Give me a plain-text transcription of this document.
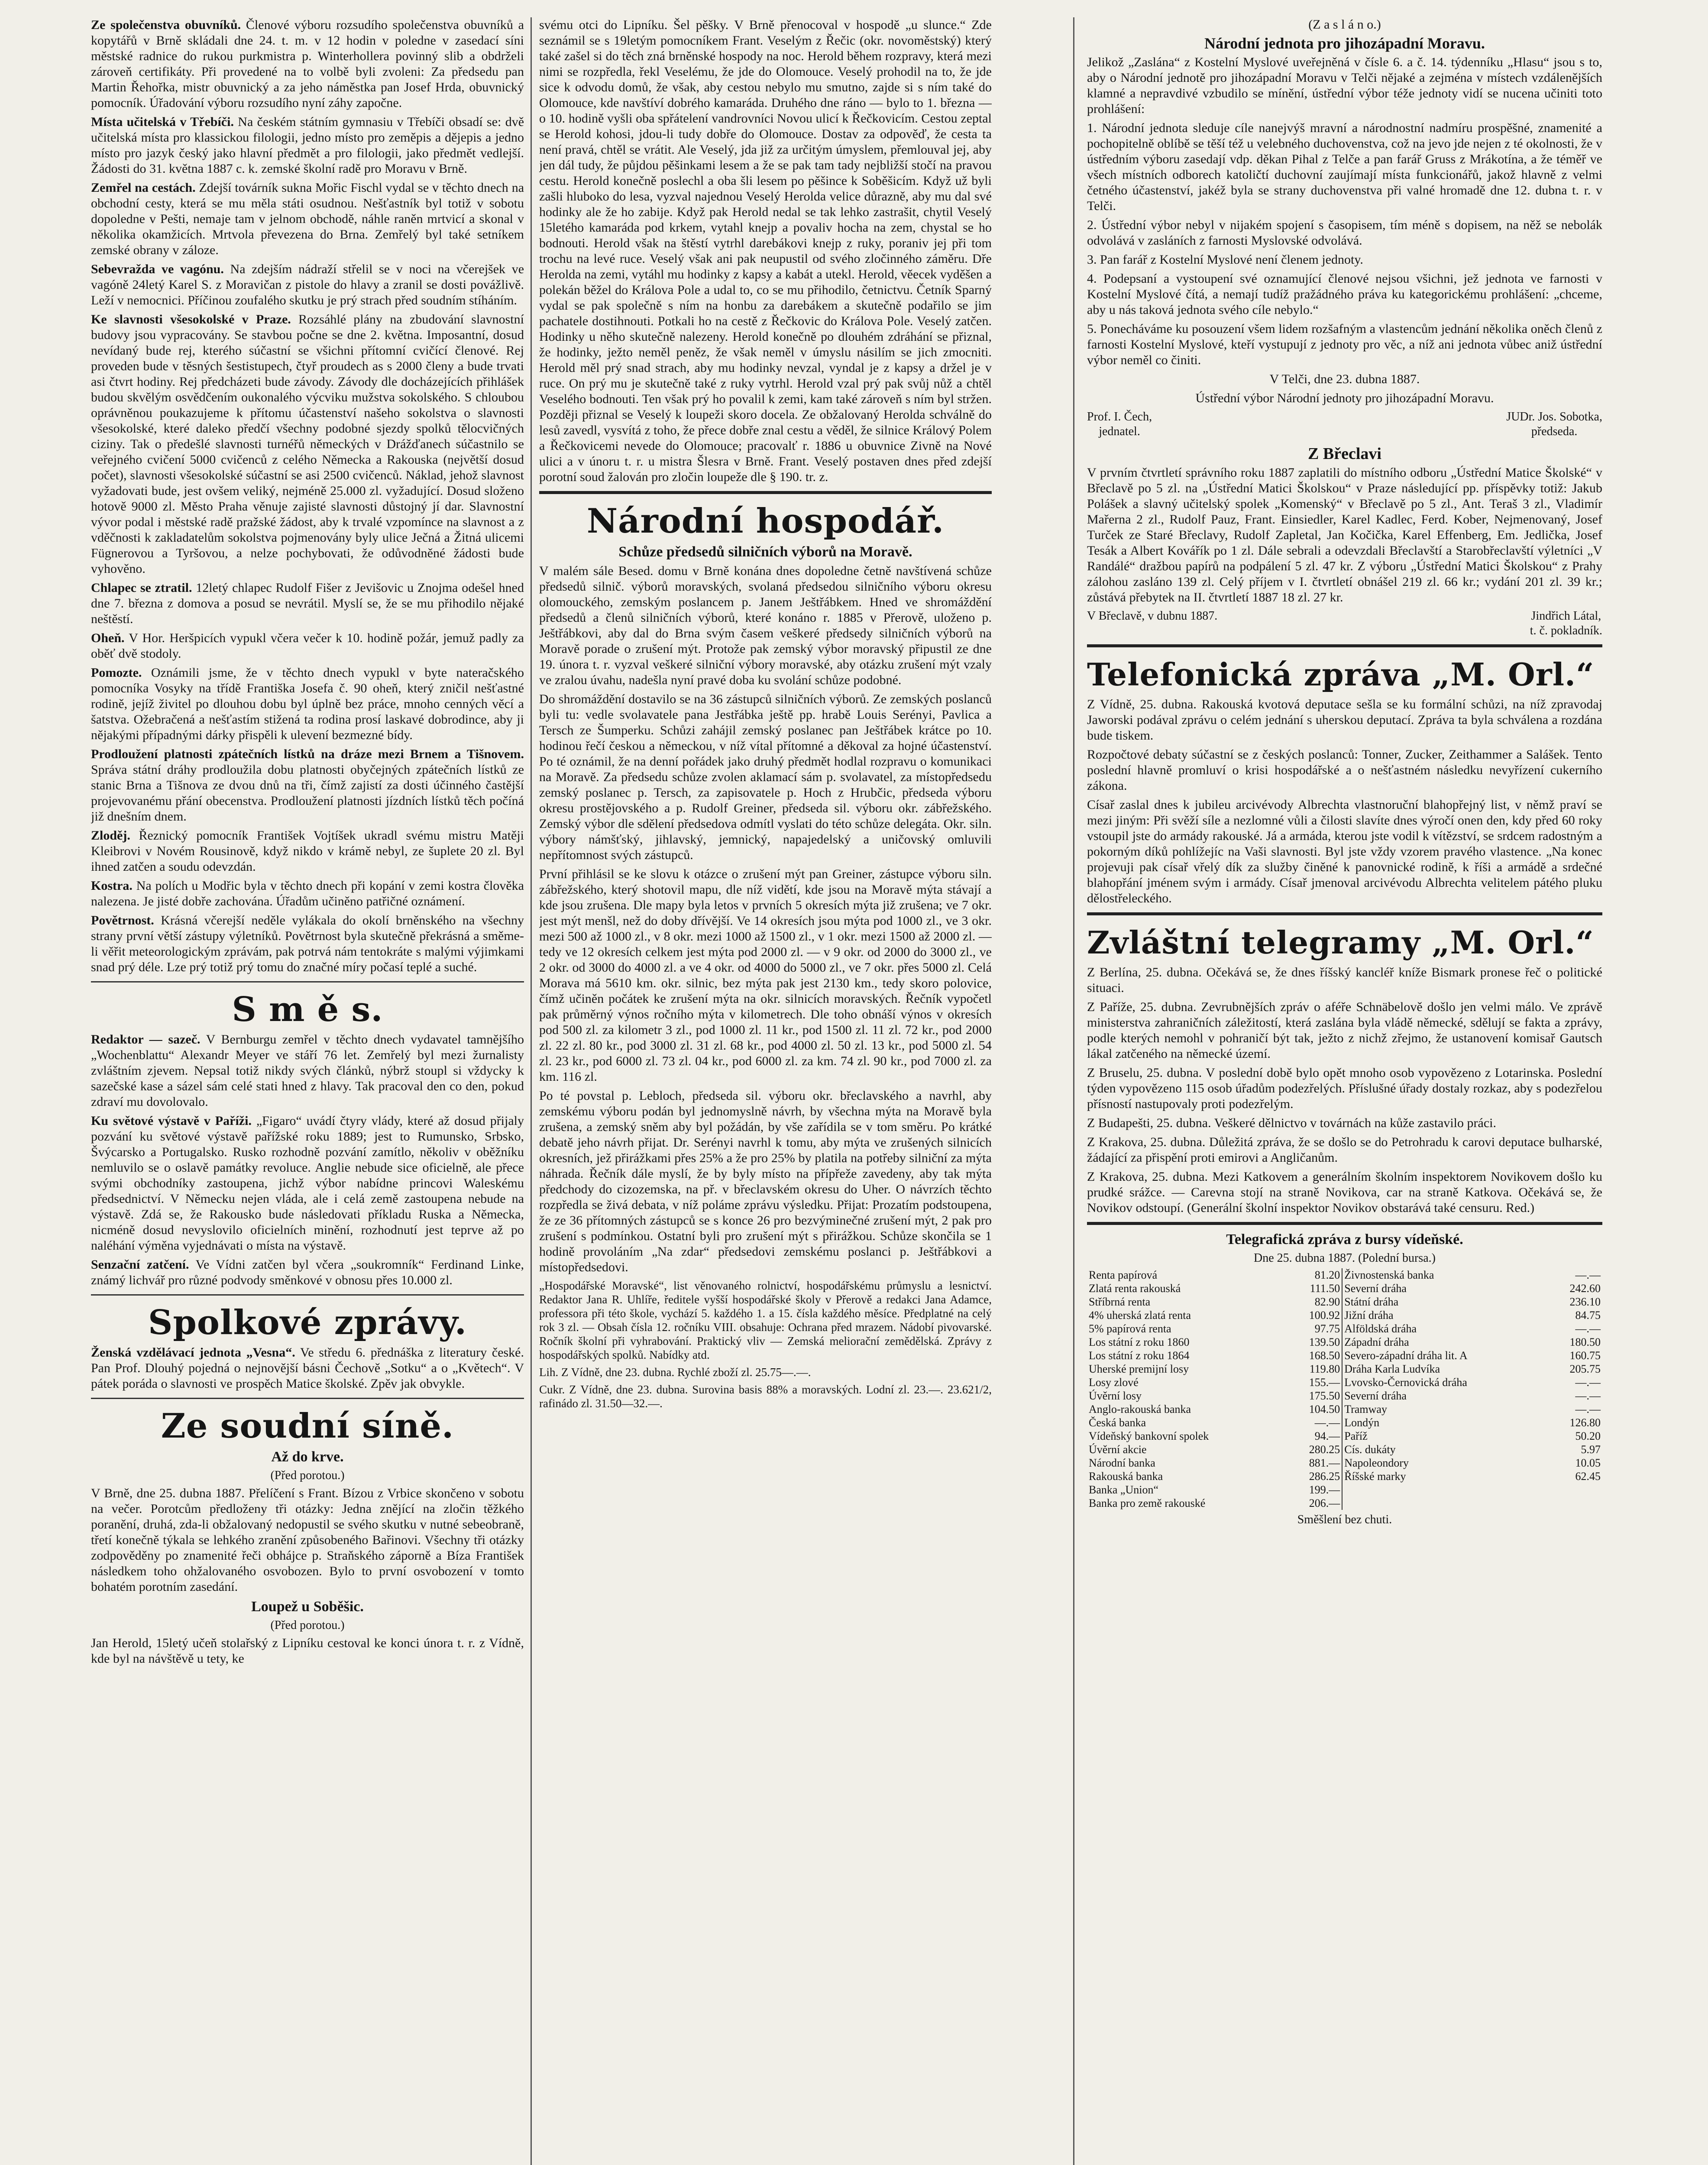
Ze společenstva obuvníků. Členové výboru rozsudího společenstva obuvníků a kopytářů v Brně skládali dne 24. t. m. v 12 hodin v poledne v zasedací síni městské radnice do rukou purkmistra p. Winterhollera povinný slib a obdrželi zároveň certifikáty. Při provedené na to volbě byli zvoleni: Za předsedu pan Martin Řehořka, mistr obuvnický a za jeho náměstka pan Josef Hrda, obuvnický pomocník. Úřadování výboru rozsudího nyní záhy započne.

Místa učitelská v Třebíči. Na českém státním gymnasiu v Třebíči obsadí se: dvě učitelská místa pro klassickou filologii, jedno místo pro zeměpis a dějepis a jedno místo pro jazyk český jako hlavní předmět a pro filologii, jako předmět vedlejší. Žádosti do 31. května 1887 c. k. zemské školní radě pro Moravu v Brně.

Zemřel na cestách. Zdejší továrník sukna Mořic Fischl vydal se v těchto dnech na obchodní cesty, která se mu měla státi osudnou. Nešťastník byl totiž v sobotu dopoledne v Pešti, nemaje tam v jelnom obchodě, náhle raněn mrtvicí a skonal v několika okamžicích. Mrtvola převezena do Brna. Zemřelý byl také setníkem zemské obrany v záloze.

Sebevražda ve vagónu. Na zdejším nádraží střelil se v noci na včerejšek ve vagóně 24letý Karel S. z Moravičan z pistole do hlavy a zranil se dosti povážlivě. Leží v nemocnici. Příčinou zoufalého skutku je prý strach před soudním stíháním.

Ke slavnosti všesokolské v Praze. Rozsáhlé plány na zbudování slavnostní budovy jsou vypracovány. Se stavbou počne se dne 2. května. Imposantní, dosud nevídaný bude rej, kterého súčastní se všichni přítomní cvičící členové. Rej proveden bude v těsných šestistupech, čtyř proudech as s 2000 členy a bude trvati asi čtvrt hodiny. Rej předcházeti bude závody. Závody dle docházejících přihlášek budou skvělým osvědčením oukonalého výcviku mužstva sokolského. S chloubou oprávněnou poukazujeme k přítomu účastenství našeho sokolstva o slavnosti všesokolské, které daleko předčí všechny podobné sjezdy spolků tělocvičných ciziny. Tak o předešlé slavnosti turnéřů německých v Drážďanech súčastnilo se veřejného cvičení 5000 cvičenců z celého Německa a Rakouska (největší dosud počet), slavnosti všesokolské súčastní se asi 2500 cvičenců. Náklad, jehož slavnost vyžadovati bude, jest ovšem veliký, nejméně 25.000 zl. vyžadující. Dosud složeno hotově 9000 zl. Město Praha věnuje zajisté slavnosti důstojný jí dar. Slavnostní vývor podal i městské radě pražské žádost, aby k trvalé vzpomínce na slavnost a z vděčnosti k zakladatelům sokolstva pojmenovány byly ulice Ječná a Žitná ulicemi Fügnerovou a Tyršovou, a nelze pochybovati, že odůvodněné žádosti bude vyhověno.

Chlapec se ztratil. 12letý chlapec Rudolf Fišer z Jevišovic u Znojma odešel hned dne 7. března z domova a posud se nevrátil. Myslí se, že se mu přihodilo nějaké neštěstí.

Oheň. V Hor. Heršpicích vypukl včera večer k 10. hodině požár, jemuž padly za oběť dvě stodoly.

Pomozte. Oznámili jsme, že v těchto dnech vypukl v byte nateračského pomocníka Vosyky na třídě Františka Josefa č. 90 oheň, který zničil nešťastné rodině, jejíž živitel po dlouhou dobu byl úplně bez práce, mnoho cenných věcí a šatstva. Ožebračená a nešťastím stižená ta rodina prosí laskavé dobrodince, aby ji nějakými případnými dárky přispěli k ulevení bezmezné bídy.

Prodloužení platnosti zpátečních lístků na dráze mezi Brnem a Tišnovem. Správa státní dráhy prodloužila dobu platnosti obyčejných zpátečních lístků ze stanic Brna a Tišnova ze dvou dnů na tři, čímž zajistí za dosti účinného častější projevovanému přání obecenstva. Prodloužení platnosti jízdních lístků těch počíná již dnešním dnem.

Zloděj. Řeznický pomocník František Vojtíšek ukradl svému mistru Matěji Kleibrovi v Novém Rousinově, když nikdo v krámě nebyl, ze šuplete 20 zl. Byl ihned zatčen a soudu odevzdán.

Kostra. Na polích u Modřic byla v těchto dnech při kopání v zemi kostra člověka nalezena. Je jisté dobře zachována. Úřadům učiněno patřičné oznámení.

Povětrnost. Krásná včerejší neděle vylákala do okolí brněnského na všechny strany první větší zástupy výletníků. Povětrnost byla skutečně překrásná a směme-li věřit meteorologickým zprávám, pak potrvá nám tentokráte s malými výjimkami snad prý déle. Lze prý totiž prý tomu do značné míry počasí teplé a suché.

S m ě s.

Redaktor — sazeč. V Bernburgu zemřel v těchto dnech vydavatel tamnějšího „Wochenblattu“ Alexandr Meyer ve stáří 76 let. Zemřelý byl mezi žurnalisty zvláštním zjevem. Nepsal totiž nikdy svých článků, nýbrž stoupl si vždycky k sazečské kase a sázel sám celé stati hned z hlavy. Tak pracoval den co den, pokud zdraví mu dovolovalo.

Ku světové výstavě v Paříži. „Figaro“ uvádí čtyry vlády, které až dosud přijaly pozvání ku světové výstavě pařížské roku 1889; jest to Rumunsko, Srbsko, Švýcarsko a Portugalsko. Rusko rozhodně pozvání zamítlo, několiv v oběžníku nemluvilo se o oslavě památky revoluce. Anglie nebude sice oficielně, ale přece svými obchodníky zastoupena, jichž výbor nabídne princovi Waleskému předsednictví. V Německu nejen vláda, ale i celá země zastoupena nebude na výstavě. Zdá se, že Rakousko bude následovati příkladu Ruska a Německa, nicméně dosud nevyslovilo oficielních minění, rozhodnutí jest teprve až po naléhání výměna vyjednávati o místa na výstavě.

Senzační zatčení. Ve Vídni zatčen byl včera „soukromník“ Ferdinand Linke, známý lichvář pro různé podvody směnkové v obnosu přes 10.000 zl.

Spolkové zprávy.

Ženská vzdělávací jednota „Vesna“. Ve středu 6. přednáška z literatury české. Pan Prof. Dlouhý pojedná o nejnovější básni Čechově „Sotku“ a o „Květech“. V pátek poráda o slavnosti ve prospěch Matice školské. Zpěv jak obvykle.

Ze soudní síně.
Až do krve.
(Před porotou.)

V Brně, dne 25. dubna 1887. Přelíčení s Frant. Bízou z Vrbice skončeno v sobotu na večer. Porotcům předloženy tři otázky: Jedna znějící na zločin těžkého poranění, druhá, zda-li obžalovaný nedopustil se svého skutku v nutné sebeobraně, třetí konečně týkala se lehkého zranění způsobeného Bařinovi. Všechny tři otázky zodpověděny po znamenité řeči obhájce p. Straňského záporně a Bíza František následkem toho ohžalovaného osvobozen. Bylo to první osvobození v tomto bohatém porotním zasedání.

Loupež u Soběšic.
(Před porotou.)

Jan Herold, 15letý učeň stolařský z Lipníku cestoval ke konci února t. r. z Vídně, kde byl na návštěvě u tety, ke

svému otci do Lipníku. Šel pěšky. V Brně přenocoval v hospodě „u slunce.“ Zde seznámil se s 19letým pomocníkem Frant. Veselým z Řečic (okr. novoměstský) který také zašel si do těch zná brněnské hospody na noc. Herold během rozpravy, která mezi nimi se rozpředla, řekl Veselému, že jde do Olomouce. Veselý prohodil na to, že jde sice k odvodu domů, že však, aby cestou nebylo mu smutno, zajde si s ním také do Olomouce, kde navštíví dobrého kamaráda. Druhého dne ráno — bylo to 1. března — o 10. hodině vyšli oba spřátelení vandrovníci Novou ulicí k Řečkovicím. Cestou zeptal se Herold kohosi, jdou-li tudy dobře do Olomouce. Dostav za odpověď, že cesta ta není pravá, chtěl se vrátit. Ale Veselý, jda již za určitým úmyslem, přemlouval jej, aby jen dál tudy, že půjdou pěšinkami lesem a že se pak tam tady nejbližší stočí na pravou cestu. Herold konečně poslechl a oba šli lesem po pěšince k Soběšicím. Když už byli zašli hluboko do lesa, vyzval najednou Veselý Herolda velice důrazně, aby mu dal své hodinky ale že ho zabije. Když pak Herold nedal se tak lehko zastrašit, chytil Veselý 15letého kamaráda pod krkem, vytahl knejp a povaliv hocha na zem, chystal se ho bodnouti. Herold však na štěstí vytrhl darebákovi knejp z ruky, poraniv jej při tom trochu na levé ruce. Veselý však ani pak neupustil od svého zločinného záměru. Dře Herolda na zemi, vytáhl mu hodinky z kapsy a kabát a utekl. Herold, věecek vyděšen a polekán běžel do Králova Pole a udal to, co se mu přihodilo, četnictvu. Četník Sparný vydal se pak společně s ním na honbu za darebákem a skutečně podařilo se jim pachatele dostihnouti. Potkali ho na cestě z Řečkovic do Králova Pole. Veselý zatčen. Hodinky u něho skutečně nalezeny. Herold konečně po dlouhém zdráhání se přiznal, že hodinky, ježto neměl peněz, že však neměl v úmyslu násilím se jich zmocniti. Herold měl prý snad strach, aby mu hodinky nevzal, vyndal je z kapsy a držel je v ruce. On prý mu je skutečně také z ruky vytrhl. Herold vzal prý pak svůj nůž a chtěl Veselého bodnouti. Ten však prý ho povalil k zemi, kam také zároveň s ním byl stržen. Později přiznal se Veselý k loupeži skoro docela. Ze obžalovaný Herolda schválně do lesů zavedl, vysvítá z toho, že přece dobře znal cestu a věděl, že silnice Králový Polem a Řečkovicemi nevede do Olomouce; pracovalť r. 1886 u obuvnice Zivně na Nové ulici a v únoru t. r. u mistra Šlesra v Brně. Frant. Veselý postaven dnes před zdejší porotní soud žalován pro zločin loupeže dle § 190. tr. z.

Národní hospodář.
Schůze předsedů silničních výborů na Moravě.

V malém sále Besed. domu v Brně konána dnes dopoledne četně navštívená schůze předsedů silnič. výborů moravských, svolaná předsedou silničního výboru okresu olomouckého, zemským poslancem p. Janem Ještřábkem. Hned ve shromáždění předsedů a členů silničních výborů, které konáno r. 1885 v Přerově, uloženo p. Ještřábkovi, aby dal do Brna svým časem veškeré předsedy silničních výborů na Moravě porade o zrušení mýt. Protože pak zemský výbor moravský připustil ze dne 19. února t. r. vyzval veškeré silniční výbory moravské, aby otázku zrušení mýt vzaly ve zralou úvahu, nadešla nyní pravé doba ku svolání schůze podobné.

Do shromáždění dostavilo se na 36 zástupců silničních výborů. Ze zemských poslanců byli tu: vedle svolavatele pana Jestřábka ještě pp. hrabě Louis Serényi, Pavlica a Tersch ze Šumperku. Schůzi zahájil zemský poslanec pan Ještřábek krátce po 10. hodinou řečí českou a německou, v níž vítal přítomné a děkoval za hojné účastenství. Po té oznámil, že na denní pořádek jako druhý předmět hodlal rozpravu o komunikaci na Moravě. Za předsedu schůze zvolen aklamací sám p. svolavatel, za místopředsedu zemský poslanec p. Tersch, za zapisovatele p. Hoch z Hrubčic, předseda výboru okresu prostějovského a p. Rudolf Greiner, předseda sil. výboru okr. zábřežského. Zemský výbor dle sdělení předsedova odmítl vyslati do této schůze delegáta. Okr. siln. výbory námšťský, jihlavský, jemnický, napajedelský a uničovský omluvili nepřítomnost svých zástupců.

První přihlásil se ke slovu k otázce o zrušení mýt pan Greiner, zástupce výboru siln. zábřežského, který shotovil mapu, dle níž vidětí, kde jsou na Moravě mýta stávají a kde jsou zrušena. Dle mapy byla letos v prvních 5 okresích mýta již zrušena; ve 7 okr. jest mýt menšl, než do doby dřívější. Ve 14 okresích jsou mýta pod 1000 zl., ve 3 okr. mezi 500 až 1000 zl., v 8 okr. mezi 1000 až 1500 zl., v 1 okr. mezi 1500 až 2000 zl. — tedy ve 12 okresích celkem jest mýta pod 2000 zl. — v 9 okr. od 2000 do 3000 zl., ve 2 okr. od 3000 do 4000 zl. a ve 4 okr. od 4000 do 5000 zl., ve 7 okr. přes 5000 zl. Celá Morava má 5610 km. okr. silnic, bez mýta pak jest 2130 km., tedy skoro polovice, čímž učiněn počátek ke zrušení mýta na okr. silnicích moravských. Řečník vypočetl pak průměrný výnos ročního mýta v kilometrech. Dle toho obnáší výnos v okresích pod 500 zl. za kilometr 3 zl., pod 1000 zl. 11 kr., pod 1500 zl. 11 zl. 72 kr., pod 2000 zl. 22 zl. 80 kr., pod 3000 zl. 31 zl. 68 kr., pod 4000 zl. 50 zl. 13 kr., pod 5000 zl. 54 zl. 23 kr., pod 6000 zl. 73 zl. 04 kr., pod 6000 zl. za km. 74 zl. 90 kr., pod 7000 zl. za km. 116 zl.

Po té povstal p. Lebloch, předseda sil. výboru okr. břeclavského a navrhl, aby zemskému výboru podán byl jednomyslně návrh, by všechna mýta na Moravě byla zrušena, a zemský sněm aby byl požádán, by vše zařídila se v tom směru. Po krátké debatě jeho návrh přijat. Dr. Serényi navrhl k tomu, aby mýta ve zrušených silnicích okresních, jež přirážkami přes 25% a že pro 25% by platila na potřeby silniční za mýta náhrada. Řečník dále myslí, že by byly místo na přípřeže zavedeny, aby tak mýta předchody do cizozemska, na př. v břeclavském okresu do Uher. O návrzích těchto rozpředla se živá debata, v níž poláme zprávu výsledku. Přijat: Prozatím podstoupena, že ze 36 přítomných zástupců se s konce 26 pro bezvýminečné zrušení mýt, 2 pak pro zrušení s podmínkou. Ostatní byli pro zrušení mýt s přirážkou. Schůze skončila se 1 hodině provoláním „Na zdar“ předsedovi zemskému poslanci p. Ještřábkovi a místopředsedovi.

„Hospodářské Moravské“, list věnovaného rolnictví, hospodářskému průmyslu a lesnictví. Redaktor Jana R. Uhlíře, ředitele vyšší hospodářské školy v Přerově a redakci Jana Adamce, professora při této škole, vychází 5. každého 1. a 15. čísla každého měsíce. Předplatné na celý rok 3 zl. — Obsah čísla 12. ročníku VIII. obsahuje: Ochrana před mrazem. Nádobí pivovarské. Ročník školní při vyhrabování. Praktický vliv — Zemská meliorační zemědělská. Zprávy z hospodářských spolků. Nabídky atd.

Lih. Z Vídně, dne 23. dubna. Rychlé zboží zl. 25.75—.—.

Cukr. Z Vídně, dne 23. dubna. Surovina basis 88% a moravských. Lodní zl. 23.—. 23.621/2, rafinádo zl. 31.50—32.—.

(Z a s l á n o.)
Národní jednota pro jihozápadní Moravu.

Jelikož „Zaslána“ z Kostelní Myslové uveřejněná v čísle 6. a č. 14. týdenníku „Hlasu“ jsou s to, aby o Národní jednotě pro jihozápadní Moravu v Telči nějaké a zejména v místech vzdálenějších klamné a nepravdivé vzbudilo se mínění, ústřední výbor téže jednoty vidí se nucena učiniti toto prohlášení:

1. Národní jednota sleduje cíle nanejvýš mravní a národnostní nadmíru prospěšné, znamenité a pochopitelně oblíbě se těší též u velebného duchovenstva, což na jevo jde nejen z té okolnosti, že v ústředním výboru zasedají vdp. děkan Pihal z Telče a pan farář Gruss z Mrákotína, a že téměř ve všech místních odborech katoličtí duchovní zaujímají místa funkcionářů, jakož hlavně z velmi četného účastenství, jakéž byla se strany duchovenstva při valné hromadě dne 12. dubna t. r. v Telči.

2. Ústřední výbor nebyl v nijakém spojení s časopisem, tím méně s dopisem, na něž se nebolák odvolává v zasláních z farnosti Myslovské odvolává.

3. Pan farář z Kostelní Myslové není členem jednoty.

4. Podepsaní a vystoupení své oznamující členové nejsou všichni, jež jednota ve farnosti v Kostelní Myslové čítá, a nemají tudíž pražádného práva ku kategorickému prohlášení: „chceme, aby u nás taková jednota svého cíle nebylo.“

5. Ponecháváme ku posouzení všem lidem rozšafným a vlastencům jednání několika oněch členů z farnosti Kostelní Myslové, kteří vystupují z jednoty pro věc, a níž ani jednota vůbec aniž ústřední výbor neměl co činiti.

V Telči, dne 23. dubna 1887.

Ústřední výbor Národní jednoty pro jihozápadní Moravu.

Prof. I. Čech,
jednatel.
JUDr. Jos. Sobotka,
předseda.
Z Břeclavi

V prvním čtvrtletí správního roku 1887 zaplatili do místního odboru „Ústřední Matice Školské“ v Břeclavě po 5 zl. na „Ústřední Matici Školskou“ v Praze následující pp. příspěvky totiž: Jakub Polášek a slavný učitelský spolek „Komenský“ v Břeclavě po 5 zl., Ant. Teraš 3 zl., Vladimír Mařerna 2 zl., Rudolf Pauz, Frant. Einsiedler, Karel Kadlec, Ferd. Kober, Nejmenovaný, Josef Turček ze Staré Břeclavy, Rudolf Zapletal, Jan Kočička, Karel Effenberg, Em. Jedlička, Josef Tesák a Albert Kovářík po 1 zl. Dále sebrali a odevzdali Břeclavští a Starobřeclavští výletníci „V Randálé“ dražbou papírů na podpálení 5 zl. 47 kr. Z výboru „Ústřední Matici Školskou“ z Prahy zálohou zasláno 139 zl. Celý příjem v I. čtvrtletí obnášel 219 zl. 66 kr.; vydání 201 zl. 39 kr.; zůstává přebytek na II. čtvrtletí 1887 18 zl. 27 kr.

V Břeclavě, v dubnu 1887.	Jindřich Látal,
t. č. pokladník.
Telefonická zpráva „M. Orl.“

Z Vídně, 25. dubna. Rakouská kvotová deputace sešla se ku formální schůzi, na níž zpravodaj Jaworski podával zprávu o celém jednání s uherskou deputací. Zpráva ta byla schválena a rozdána bude tiskem.

Rozpočtové debaty súčastní se z českých poslanců: Tonner, Zucker, Zeithammer a Salášek. Tento poslední hlavně promluví o krisi hospodářské a o nešťastném následku nevyřízení cukerního zákona.

Císař zaslal dnes k jubileu arcivévody Albrechta vlastnoruční blahopřejný list, v němž praví se mezi jiným: Při svěží síle a nezlomné vůli a čilosti slavíte dnes výročí onen den, kdy před 60 roky vstoupil jste do armády rakouské. Já a armáda, kterou jste vodil k vítězství, se srdcem radostným a pokorným díků pohlížejíc na Vaši slavnosti. Byl jste vždy vzorem pravého vlastence. „Na konec projevuji pak císař vřelý dík za služby činěné k panovnické rodině, k říši a armádě a srdečné blahopřání jménem svým i armády. Císař jmenoval arcivévodu Albrechta velitelem pátého pluku dělostřeleckého.

Zvláštní telegramy „M. Orl.“

Z Berlína, 25. dubna. Očekává se, že dnes říšský kancléř kníže Bismark pronese řeč o politické situaci.

Z Paříže, 25. dubna. Zevrubnějších zpráv o aféře Schnäbelově došlo jen velmi málo. Ve zprávě ministerstva zahraničních záležitostí, která zaslána byla vládě německé, sdělují se fakta a zprávy, podle kterých nemohl v pohraničí být tak, ježto z nichž zřejmo, že ustanovení komisař Gautsch lákal zatčeného na německé území.

Z Bruselu, 25. dubna. V poslední době bylo opět mnoho osob vypovězeno z Lotarinska. Poslední týden vypovězeno 115 osob úřadům podezřelých. Příslušné úřady dostaly rozkaz, aby s podezřelou přísností nastupovaly proti podezřelým.

Z Budapešti, 25. dubna. Veškeré dělnictvo v továrnách na kůže zastavilo práci.

Z Krakova, 25. dubna. Důležitá zpráva, že se došlo se do Petrohradu k carovi deputace bulharské, žádající za přispění proti emirovi a Angličanům.

Z Krakova, 25. dubna. Mezi Katkovem a generálním školním inspektorem Novikovem došlo ku prudké srážce. — Carevna stojí na straně Novikova, car na straně Katkova. Očekává se, že Novikov odstoupí. (Generální školní inspektor Novikov obstarává také censuru. Red.)

Telegrafická zpráva z bursy vídeňské.
Dne 25. dubna 1887. (Polední bursa.)
Renta papírová	81.20	Živnostenská banka	—.—
Zlatá renta rakouská	111.50	Severní dráha	242.60
Stříbrná renta	82.90	Státní dráha	236.10
4% uherská zlatá renta	100.92	Jižní dráha	84.75
5% papírová renta	97.75	Alföldská dráha	—.—
Los státní z roku 1860	139.50	Západní dráha	180.50
Los státní z roku 1864	168.50	Severo-západní dráha lit. A	160.75
Uherské premijní losy	119.80	Dráha Karla Ludvíka	205.75
Losy zlové	155.—	Lvovsko-Černovická dráha	—.—
Úvěrní losy	175.50	Severní dráha	—.—
Anglo-rakouská banka	104.50	Tramway	—.—
Česká banka	—.—	Londýn	126.80
Vídeňský bankovní spolek	94.—	Paříž	50.20
Úvěrní akcie	280.25	Cís. dukáty	5.97
Národní banka	881.—	Napoleondory	10.05
Rakouská banka	286.25	Říšské marky	62.45
Banka „Union“	199.—		
Banka pro země rakouské	206.—		
Směšlení bez chuti.
